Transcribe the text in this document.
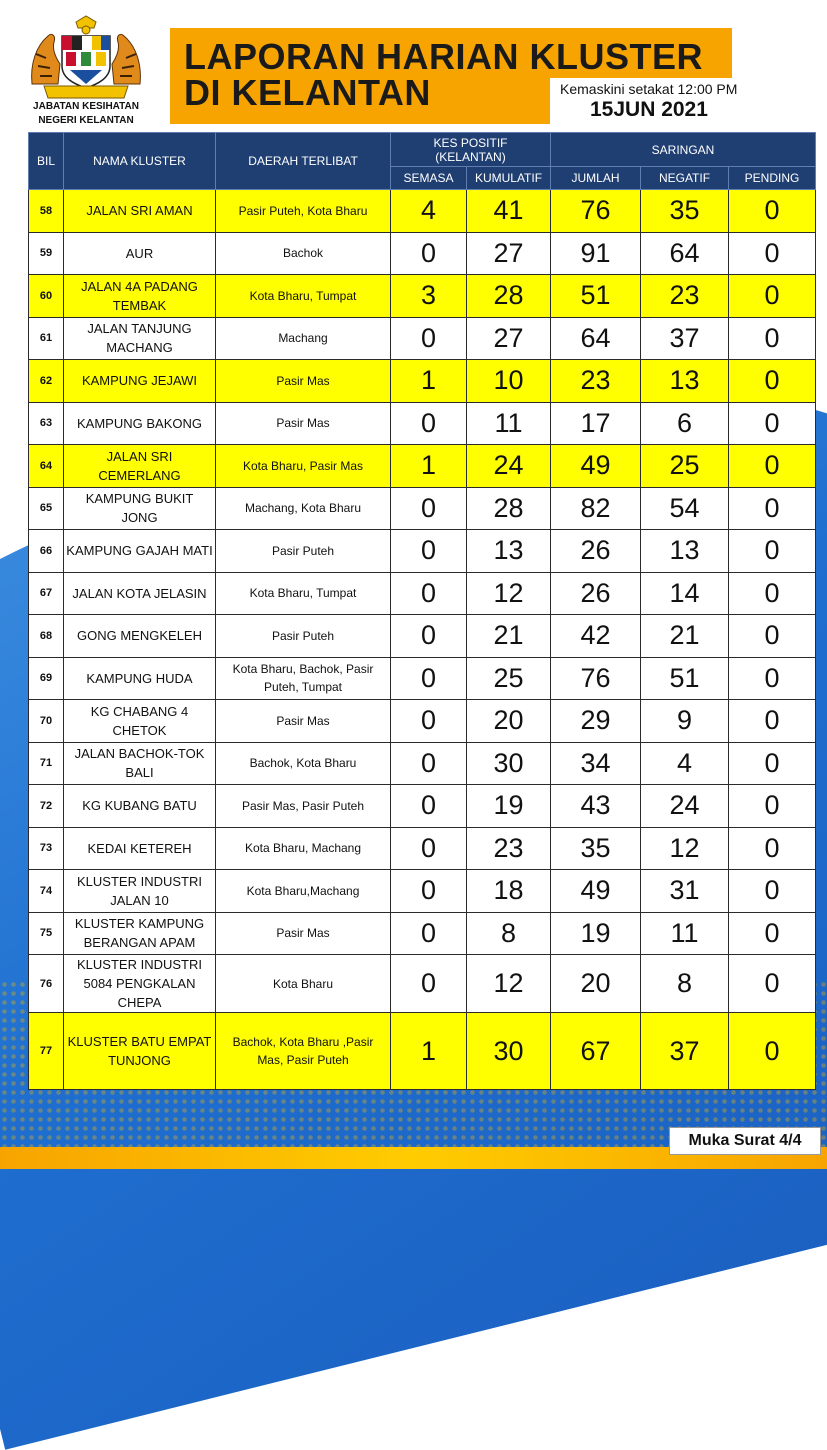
JABATAN KESIHATAN
NEGERI KELANTAN
LAPORAN HARIAN KLUSTER
DI KELANTAN	Kemaskini setakat 12:00 PM
15JUN 2021
BIL	NAMA KLUSTER	DAERAH TERLIBAT	KES POSITIF (KELANTAN)		SARINGAN		
			SEMASA	KUMULATIF	JUMLAH	NEGATIF	PENDING
58	JALAN SRI AMAN	Pasir Puteh, Kota Bharu	4	41	76	35	0
59	AUR	Bachok	0	27	91	64	0
60	JALAN 4A PADANG TEMBAK	Kota Bharu, Tumpat	3	28	51	23	0
61	JALAN TANJUNG MACHANG	Machang	0	27	64	37	0
62	KAMPUNG JEJAWI	Pasir Mas	1	10	23	13	0
63	KAMPUNG BAKONG	Pasir Mas	0	11	17	6	0
64	JALAN SRI CEMERLANG	Kota Bharu, Pasir Mas	1	24	49	25	0
65	KAMPUNG BUKIT JONG	Machang, Kota Bharu	0	28	82	54	0
66	KAMPUNG GAJAH MATI	Pasir Puteh	0	13	26	13	0
67	JALAN KOTA JELASIN	Kota Bharu, Tumpat	0	12	26	14	0
68	GONG MENGKELEH	Pasir Puteh	0	21	42	21	0
69	KAMPUNG HUDA	Kota Bharu, Bachok, Pasir Puteh, Tumpat	0	25	76	51	0
70	KG CHABANG 4 CHETOK	Pasir Mas	0	20	29	9	0
71	JALAN BACHOK-TOK BALI	Bachok, Kota Bharu	0	30	34	4	0
72	KG KUBANG BATU	Pasir Mas, Pasir Puteh	0	19	43	24	0
73	KEDAI KETEREH	Kota Bharu, Machang	0	23	35	12	0
74	KLUSTER INDUSTRI JALAN 10	Kota Bharu,Machang	0	18	49	31	0
75	KLUSTER KAMPUNG BERANGAN APAM	Pasir Mas	0	8	19	11	0
76	KLUSTER INDUSTRI 5084 PENGKALAN CHEPA	Kota Bharu	0	12	20	8	0
77	KLUSTER BATU EMPAT TUNJONG	Bachok, Kota Bharu ,Pasir Mas, Pasir Puteh	1	30	67	37	0
Muka Surat 4/4
